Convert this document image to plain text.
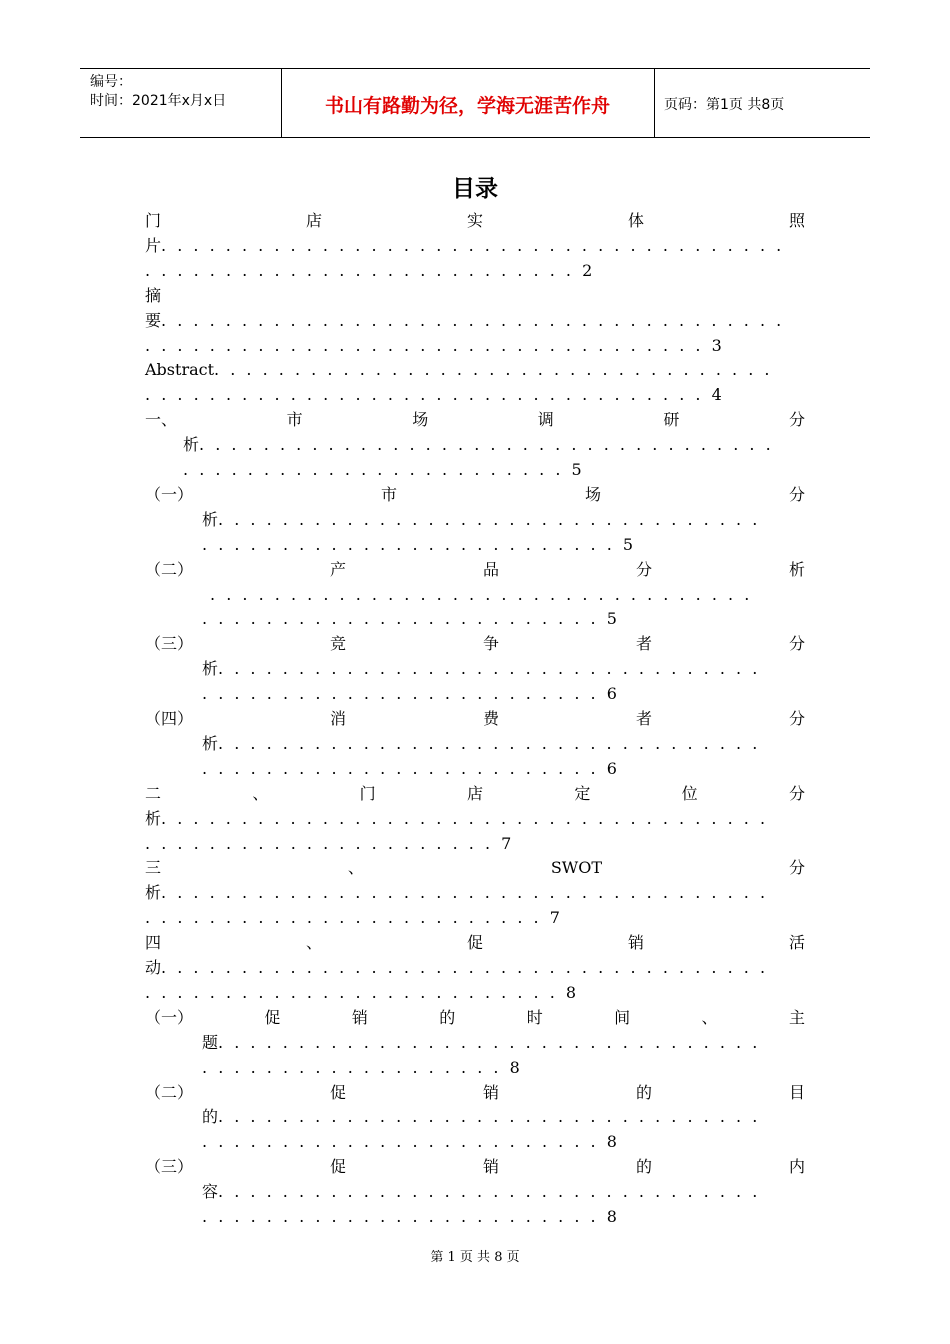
编号：
时间：2021年x月x日	书山有路勤为径，学海无涯苦作舟	页码：第1页 共8页
目录
门	店	实	体	照
片. . . . . . . . . . . . . . . . . . . . . . . . . . . . . . . . . . . . . . .
. . . . . . . . . . . . . . . . . . . . . . . . . . . 2
摘
要. . . . . . . . . . . . . . . . . . . . . . . . . . . . . . . . . . . . . . .
. . . . . . . . . . . . . . . . . . . . . . . . . . . . . . . . . . . 3
Abstract. . . . . . . . . . . . . . . . . . . . . . . . . . . . . . . . . . .
. . . . . . . . . . . . . . . . . . . . . . . . . . . . . . . . . . . 4
一、	市	场	调	研	分
析. . . . . . . . . . . . . . . . . . . . . . . . . . . . . . . . . . . .
. . . . . . . . . . . . . . . . . . . . . . . . 5
（一）	市	场	分
析. . . . . . . . . . . . . . . . . . . . . . . . . . . . . . . . . .
. . . . . . . . . . . . . . . . . . . . . . . . . . 5
（二）	产	品	分	析
. . . . . . . . . . . . . . . . . . . . . . . . . . . . . . . . . .
. . . . . . . . . . . . . . . . . . . . . . . . . 5
（三）	竞	争	者	分
析. . . . . . . . . . . . . . . . . . . . . . . . . . . . . . . . . .
. . . . . . . . . . . . . . . . . . . . . . . . . 6
（四）	消	费	者	分
析. . . . . . . . . . . . . . . . . . . . . . . . . . . . . . . . . .
. . . . . . . . . . . . . . . . . . . . . . . . . 6
二	、	门	店	定	位	分
析. . . . . . . . . . . . . . . . . . . . . . . . . . . . . . . . . . . . . .
. . . . . . . . . . . . . . . . . . . . . . 7
三	、	SWOT	分
析. . . . . . . . . . . . . . . . . . . . . . . . . . . . . . . . . . . . . .
. . . . . . . . . . . . . . . . . . . . . . . . . 7
四	、	促	销	活
动. . . . . . . . . . . . . . . . . . . . . . . . . . . . . . . . . . . . . .
. . . . . . . . . . . . . . . . . . . . . . . . . . 8
（一）	促	销	的	时	间	、	主
题. . . . . . . . . . . . . . . . . . . . . . . . . . . . . . . . . .
. . . . . . . . . . . . . . . . . . . 8
（二）	促	销	的	目
的. . . . . . . . . . . . . . . . . . . . . . . . . . . . . . . . . .
. . . . . . . . . . . . . . . . . . . . . . . . . 8
（三）	促	销	的	内
容. . . . . . . . . . . . . . . . . . . . . . . . . . . . . . . . . .
. . . . . . . . . . . . . . . . . . . . . . . . . 8
第 1 页 共 8 页
